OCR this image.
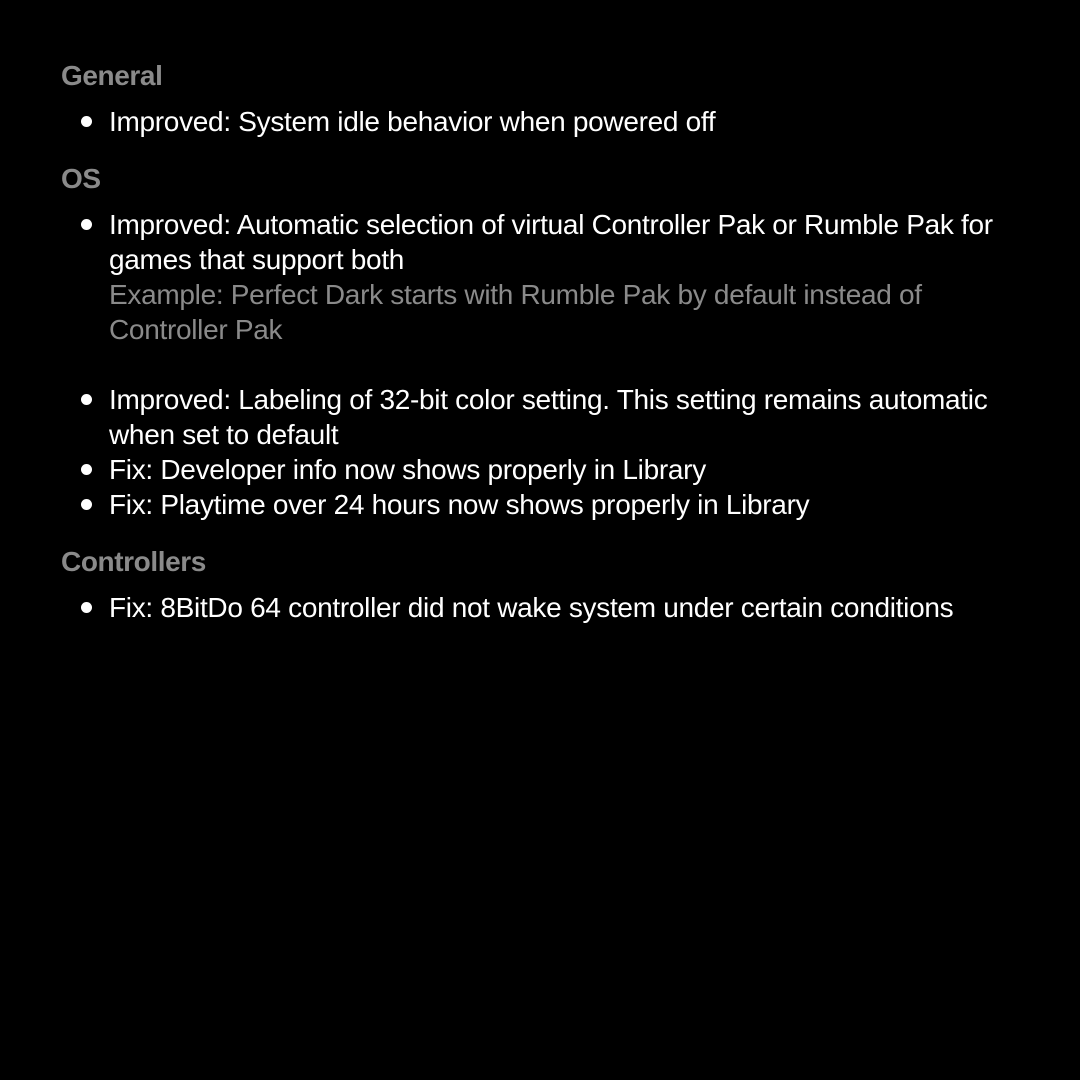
General
Improved: System idle behavior when powered off
OS
Improved: Automatic selection of virtual Controller Pak or Rumble Pak for games that support both
Example: Perfect Dark starts with Rumble Pak by default instead of Controller Pak
Improved: Labeling of 32-bit color setting. This setting remains automatic when set to default
Fix: Developer info now shows properly in Library
Fix: Playtime over 24 hours now shows properly in Library
Controllers
Fix: 8BitDo 64 controller did not wake system under certain conditions
